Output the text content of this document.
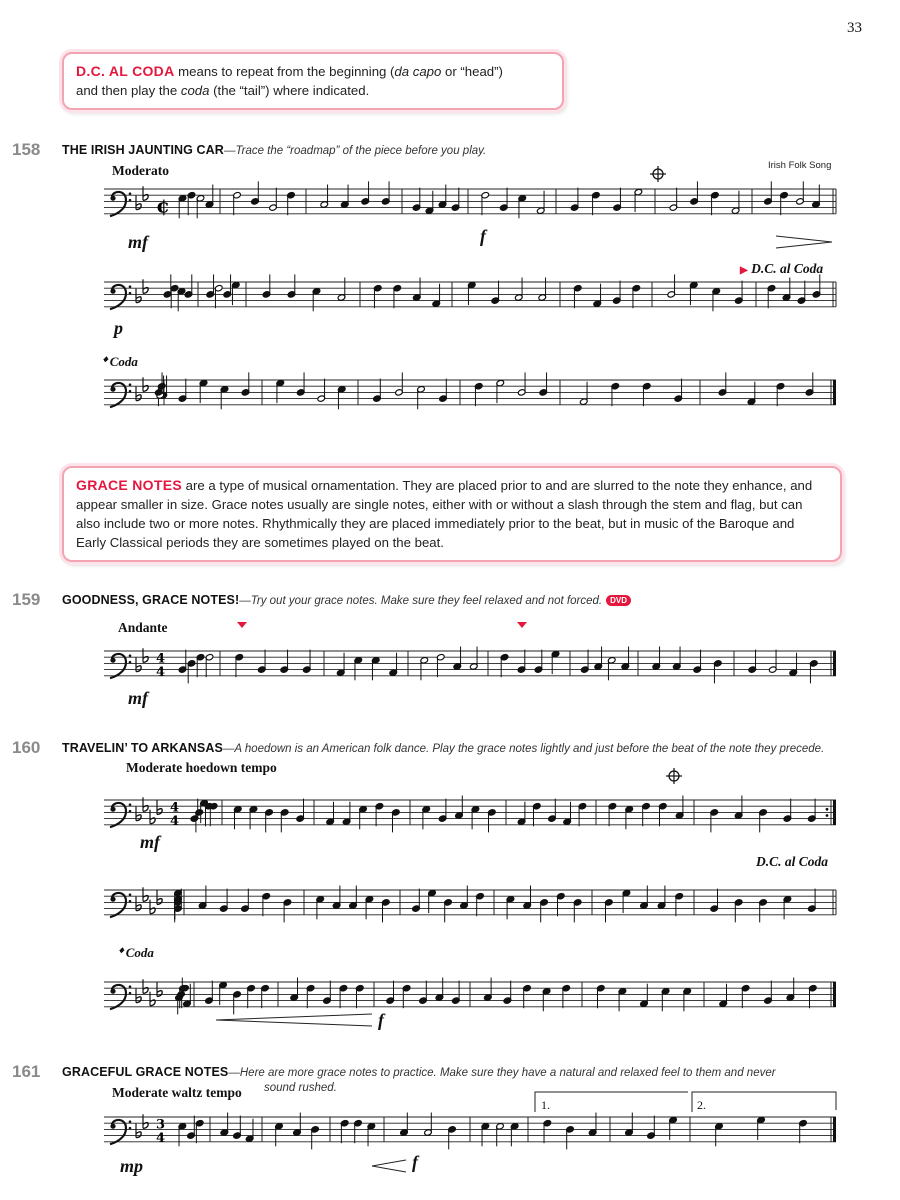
33
D.C. AL CODA means to repeat from the beginning (da capo or “head”)
and then play the coda (the “tail”) where indicated.
158 THE IRISH JAUNTING CAR—Trace the “roadmap” of the piece before you play.
Irish Folk Song
Moderato
mf	f
p
▶ D.C. al Coda
𝄌 Coda
GRACE NOTES are a type of musical ornamentation. They are placed prior to and are slurred to the note they enhance, and appear smaller in size. Grace notes usually are single notes, either with or without a slash through the stem and flag, but can also include two or more notes. Rhythmically they are placed immediately prior to the beat, but in music of the Baroque and Early Classical periods they are sometimes played on the beat.
159 GOODNESS, GRACE NOTES!—Try out your grace notes. Make sure they feel relaxed and not forced. DVD
Andante
mf
160 TRAVELIN’ TO ARKANSAS—A hoedown is an American folk dance. Play the grace notes lightly and just before the beat of the note they precede.
Moderate hoedown tempo
mf
D.C. al Coda
𝄌 Coda
f
161 GRACEFUL GRACE NOTES—Here are more grace notes to practice. Make sure they have a natural and relaxed feel to them and never
sound rushed.
Moderate waltz tempo
mp	f
1.	2.
¢
4
4
4
4
3
4
